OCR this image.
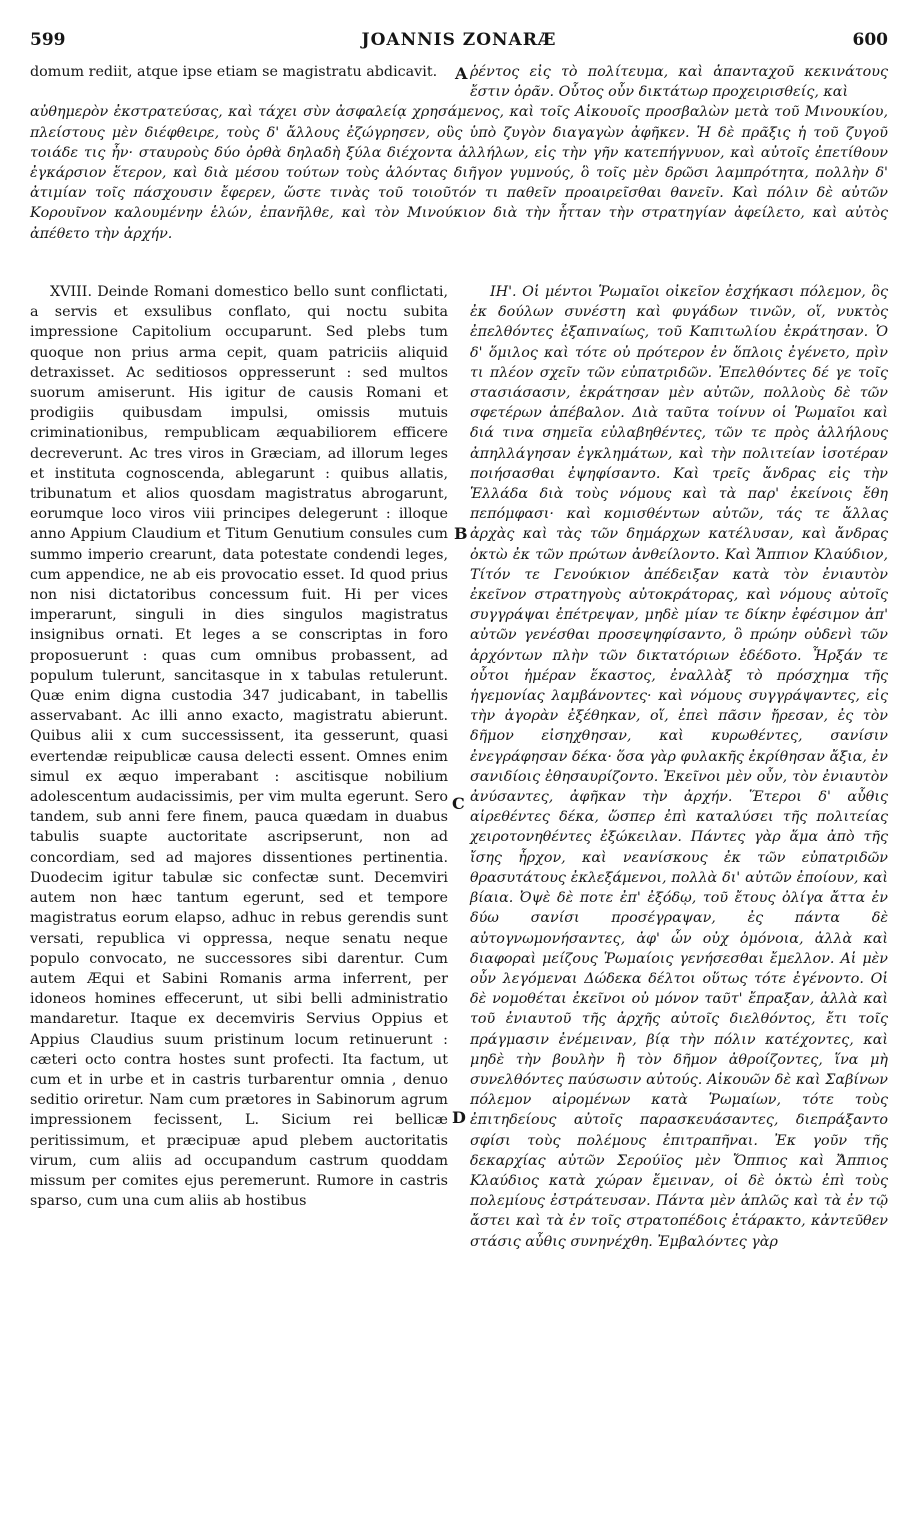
599	JOANNIS ZONARÆ	600
A
B
C
D

domum rediit, atque ipse etiam se magistratu abdicavit.	ῥέντος εἰς τὸ πολίτευμα, καὶ ἁπανταχοῦ κεκινάτους ἔστιν ὀρᾶν. Οὗτος οὖν δικτάτωρ προχειρισθείς, καὶ

αὐθημερὸν ἐκστρατεύσας, καὶ τάχει σὺν ἀσφαλείᾳ χρησάμενος, καὶ τοῖς Αἰκουοῖς προσβαλὼν μετὰ τοῦ Μινουκίου, πλείστους μὲν διέφθειρε, τοὺς δ' ἄλλους ἐζώγρησεν, οὓς ὑπὸ ζυγὸν διαγαγὼν ἀφῆκεν. Ἡ δὲ πρᾶξις ἡ τοῦ ζυγοῦ τοιάδε τις ἦν· σταυροὺς δύο ὀρθὰ δηλαδὴ ξύλα διέχοντα ἀλλήλων, εἰς τὴν γῆν κατεπήγνυον, καὶ αὐτοῖς ἐπετίθουν ἐγκάρσιον ἕτερον, καὶ διὰ μέσου τούτων τοὺς ἁλόντας διῆγον γυμνούς, ὃ τοῖς μὲν δρῶσι λαμπρότητα, πολλὴν δ' ἀτιμίαν τοῖς πάσχουσιν ἔφερεν, ὥστε τινὰς τοῦ τοιοῦτόν τι παθεῖν προαιρεῖσθαι θανεῖν. Καὶ πόλιν δὲ αὐτῶν Κορουῖνον καλουμένην ἑλών, ἐπανῆλθε, καὶ τὸν Μινούκιον διὰ τὴν ἧτταν τὴν στρατηγίαν ἀφείλετο, καὶ αὐτὸς ἀπέθετο τὴν ἀρχήν.

XVIII. Deinde Romani domestico bello sunt conflictati, a servis et exsulibus conflato, qui noctu subita impressione Capitolium occuparunt. Sed plebs tum quoque non prius arma cepit, quam patriciis aliquid detraxisset. Ac seditiosos oppresserunt : sed multos suorum amiserunt. His igitur de causis Romani et prodigiis quibusdam impulsi, omissis mutuis criminationibus, rempublicam æquabiliorem efficere decreverunt. Ac tres viros in Græciam, ad illorum leges et instituta cognoscenda, ablegarunt : quibus allatis, tribunatum et alios quosdam magistratus abrogarunt, eorumque loco viros viii principes delegerunt : illoque anno Appium Claudium et Titum Genutium consules cum summo imperio crearunt, data potestate condendi leges, cum appendice, ne ab eis provocatio esset. Id quod prius non nisi dictatoribus concessum fuit. Hi per vices imperarunt, singuli in dies singulos magistratus insignibus ornati. Et leges a se conscriptas in foro proposuerunt : quas cum omnibus probassent, ad populum tulerunt, sancitasque in x tabulas retulerunt. Quæ enim digna custodia 347 judicabant, in tabellis asservabant. Ac illi anno exacto, magistratu abierunt. Quibus alii x cum successissent, ita gesserunt, quasi evertendæ reipublicæ causa delecti essent. Omnes enim simul ex æquo imperabant : ascitisque nobilium adolescentum audacissimis, per vim multa egerunt. Sero tandem, sub anni fere finem, pauca quædam in duabus tabulis suapte auctoritate ascripserunt, non ad concordiam, sed ad majores dissentiones pertinentia. Duodecim igitur tabulæ sic confectæ sunt. Decemviri autem non hæc tantum egerunt, sed et tempore magistratus eorum elapso, adhuc in rebus gerendis sunt versati, republica vi oppressa, neque senatu neque populo convocato, ne successores sibi darentur. Cum autem Æqui et Sabini Romanis arma inferrent, per idoneos homines effecerunt, ut sibi belli administratio mandaretur. Itaque ex decemviris Servius Oppius et Appius Claudius suum pristinum locum retinuerunt : cæteri octo contra hostes sunt profecti. Ita factum, ut cum et in urbe et in castris turbarentur omnia , denuo seditio oriretur. Nam cum prætores in Sabinorum agrum impressionem fecissent, L. Sicium rei bellicæ peritissimum, et præcipuæ apud plebem auctoritatis virum, cum aliis ad occupandum castrum quoddam missum per comites ejus peremerunt. Rumore in castris sparso, cum una cum aliis ab hostibus

ΙΗ'. Οἱ μέντοι Ῥωμαῖοι οἰκεῖον ἐσχήκασι πόλεμον, ὃς ἐκ δούλων συνέστη καὶ φυγάδων τινῶν, οἵ, νυκτὸς ἐπελθόντες ἐξαπιναίως, τοῦ Καπιτωλίου ἐκράτησαν. Ὁ δ' ὅμιλος καὶ τότε οὐ πρότερον ἐν ὅπλοις ἐγένετο, πρὶν τι πλέον σχεῖν τῶν εὐπατριδῶν. Ἐπελθόντες δέ γε τοῖς στασιάσασιν, ἐκράτησαν μὲν αὐτῶν, πολλοὺς δὲ τῶν σφετέρων ἀπέβαλον. Διὰ ταῦτα τοίνυν οἱ Ῥωμαῖοι καὶ διά τινα σημεῖα εὐλαβηθέντες, τῶν τε πρὸς ἀλλήλους ἀπηλλάγησαν ἐγκλημάτων, καὶ τὴν πολιτείαν ἰσοτέραν ποιήσασθαι ἐψηφίσαντο. Καὶ τρεῖς ἄνδρας εἰς τὴν Ἑλλάδα διὰ τοὺς νόμους καὶ τὰ παρ' ἐκείνοις ἔθη πεπόμφασι· καὶ κομισθέντων αὐτῶν, τάς τε ἄλλας ἀρχὰς καὶ τὰς τῶν δημάρχων κατέλυσαν, καὶ ἄνδρας ὀκτὼ ἐκ τῶν πρώτων ἀνθείλοντο. Καὶ Ἄππιον Κλαύδιον, Τίτόν τε Γενούκιον ἀπέδειξαν κατὰ τὸν ἐνιαυτὸν ἐκεῖνον στρατηγοὺς αὐτοκράτορας, καὶ νόμους αὐτοῖς συγγράψαι ἐπέτρεψαν, μηδὲ μίαν τε δίκην ἐφέσιμον ἀπ' αὐτῶν γενέσθαι προσεψηφίσαντο, ὃ πρώην οὐδενὶ τῶν ἀρχόντων πλὴν τῶν δικτατόριων ἐδέδοτο. Ἦρξάν τε οὗτοι ἡμέραν ἕκαστος, ἐναλλὰξ τὸ πρόσχημα τῆς ἡγεμονίας λαμβάνοντες· καὶ νόμους συγγράψαντες, εἰς τὴν ἀγορὰν ἐξέθηκαν, οἵ, ἐπεὶ πᾶσιν ἤρεσαν, ἐς τὸν δῆμον εἰσηχθησαν, καὶ κυρωθέντες, σανίσιν ἐνεγράφησαν δέκα· ὅσα γὰρ φυλακῆς ἐκρίθησαν ἄξια, ἐν σανιδίοις ἐθησαυρίζοντο. Ἐκεῖνοι μὲν οὖν, τὸν ἐνιαυτὸν ἀνύσαντες, ἀφῆκαν τὴν ἀρχήν. Ἕτεροι δ' αὖθις αἱρεθέντες δέκα, ὥσπερ ἐπὶ καταλύσει τῆς πολιτείας χειροτονηθέντες ἐξώκειλαν. Πάντες γὰρ ἅμα ἀπὸ τῆς ἴσης ἦρχον, καὶ νεανίσκους ἐκ τῶν εὐπατριδῶν θρασυτάτους ἐκλεξάμενοι, πολλὰ δι' αὐτῶν ἐποίουν, καὶ βίαια. Ὀψὲ δὲ ποτε ἐπ' ἐξόδῳ, τοῦ ἔτους ὀλίγα ἄττα ἐν δύω σανίσι προσέγραψαν, ἐς πάντα δὲ αὐτογνωμονήσαντες, ἀφ' ὧν οὐχ ὁμόνοια, ἀλλὰ καὶ διαφοραὶ μείζους Ῥωμαίοις γενήσεσθαι ἔμελλον. Αἱ μὲν οὖν λεγόμεναι Δώδεκα δέλτοι οὕτως τότε ἐγένοντο. Οἱ δὲ νομοθέται ἐκεῖνοι οὐ μόνον ταῦτ' ἔπραξαν, ἀλλὰ καὶ τοῦ ἐνιαυτοῦ τῆς ἀρχῆς αὐτοῖς διελθόντος, ἔτι τοῖς πράγμασιν ἐνέμειναν, βίᾳ τὴν πόλιν κατέχοντες, καὶ μηδὲ τὴν βουλὴν ἢ τὸν δῆμον ἀθροίζοντες, ἵνα μὴ συνελθόντες παύσωσιν αὐτούς. Αἰκουῶν δὲ καὶ Σαβίνων πόλεμον αἰρομένων κατὰ Ῥωμαίων, τότε τοὺς ἐπιτηδείους αὐτοῖς παρασκευάσαντες, διεπράξαντο σφίσι τοὺς πολέμους ἐπιτραπῆναι. Ἐκ γοῦν τῆς δεκαρχίας αὐτῶν Σερούϊος μὲν Ὄππιος καὶ Ἄππιος Κλαύδιος κατὰ χώραν ἔμειναν, οἱ δὲ ὀκτὼ ἐπὶ τοὺς πολεμίους ἐστράτευσαν. Πάντα μὲν ἁπλῶς καὶ τὰ ἐν τῷ ἄστει καὶ τὰ ἐν τοῖς στρατοπέδοις ἐτάρακτο, κἀντεῦθεν στάσις αὖθις συνηνέχθη. Ἐμβαλόντες γὰρ
